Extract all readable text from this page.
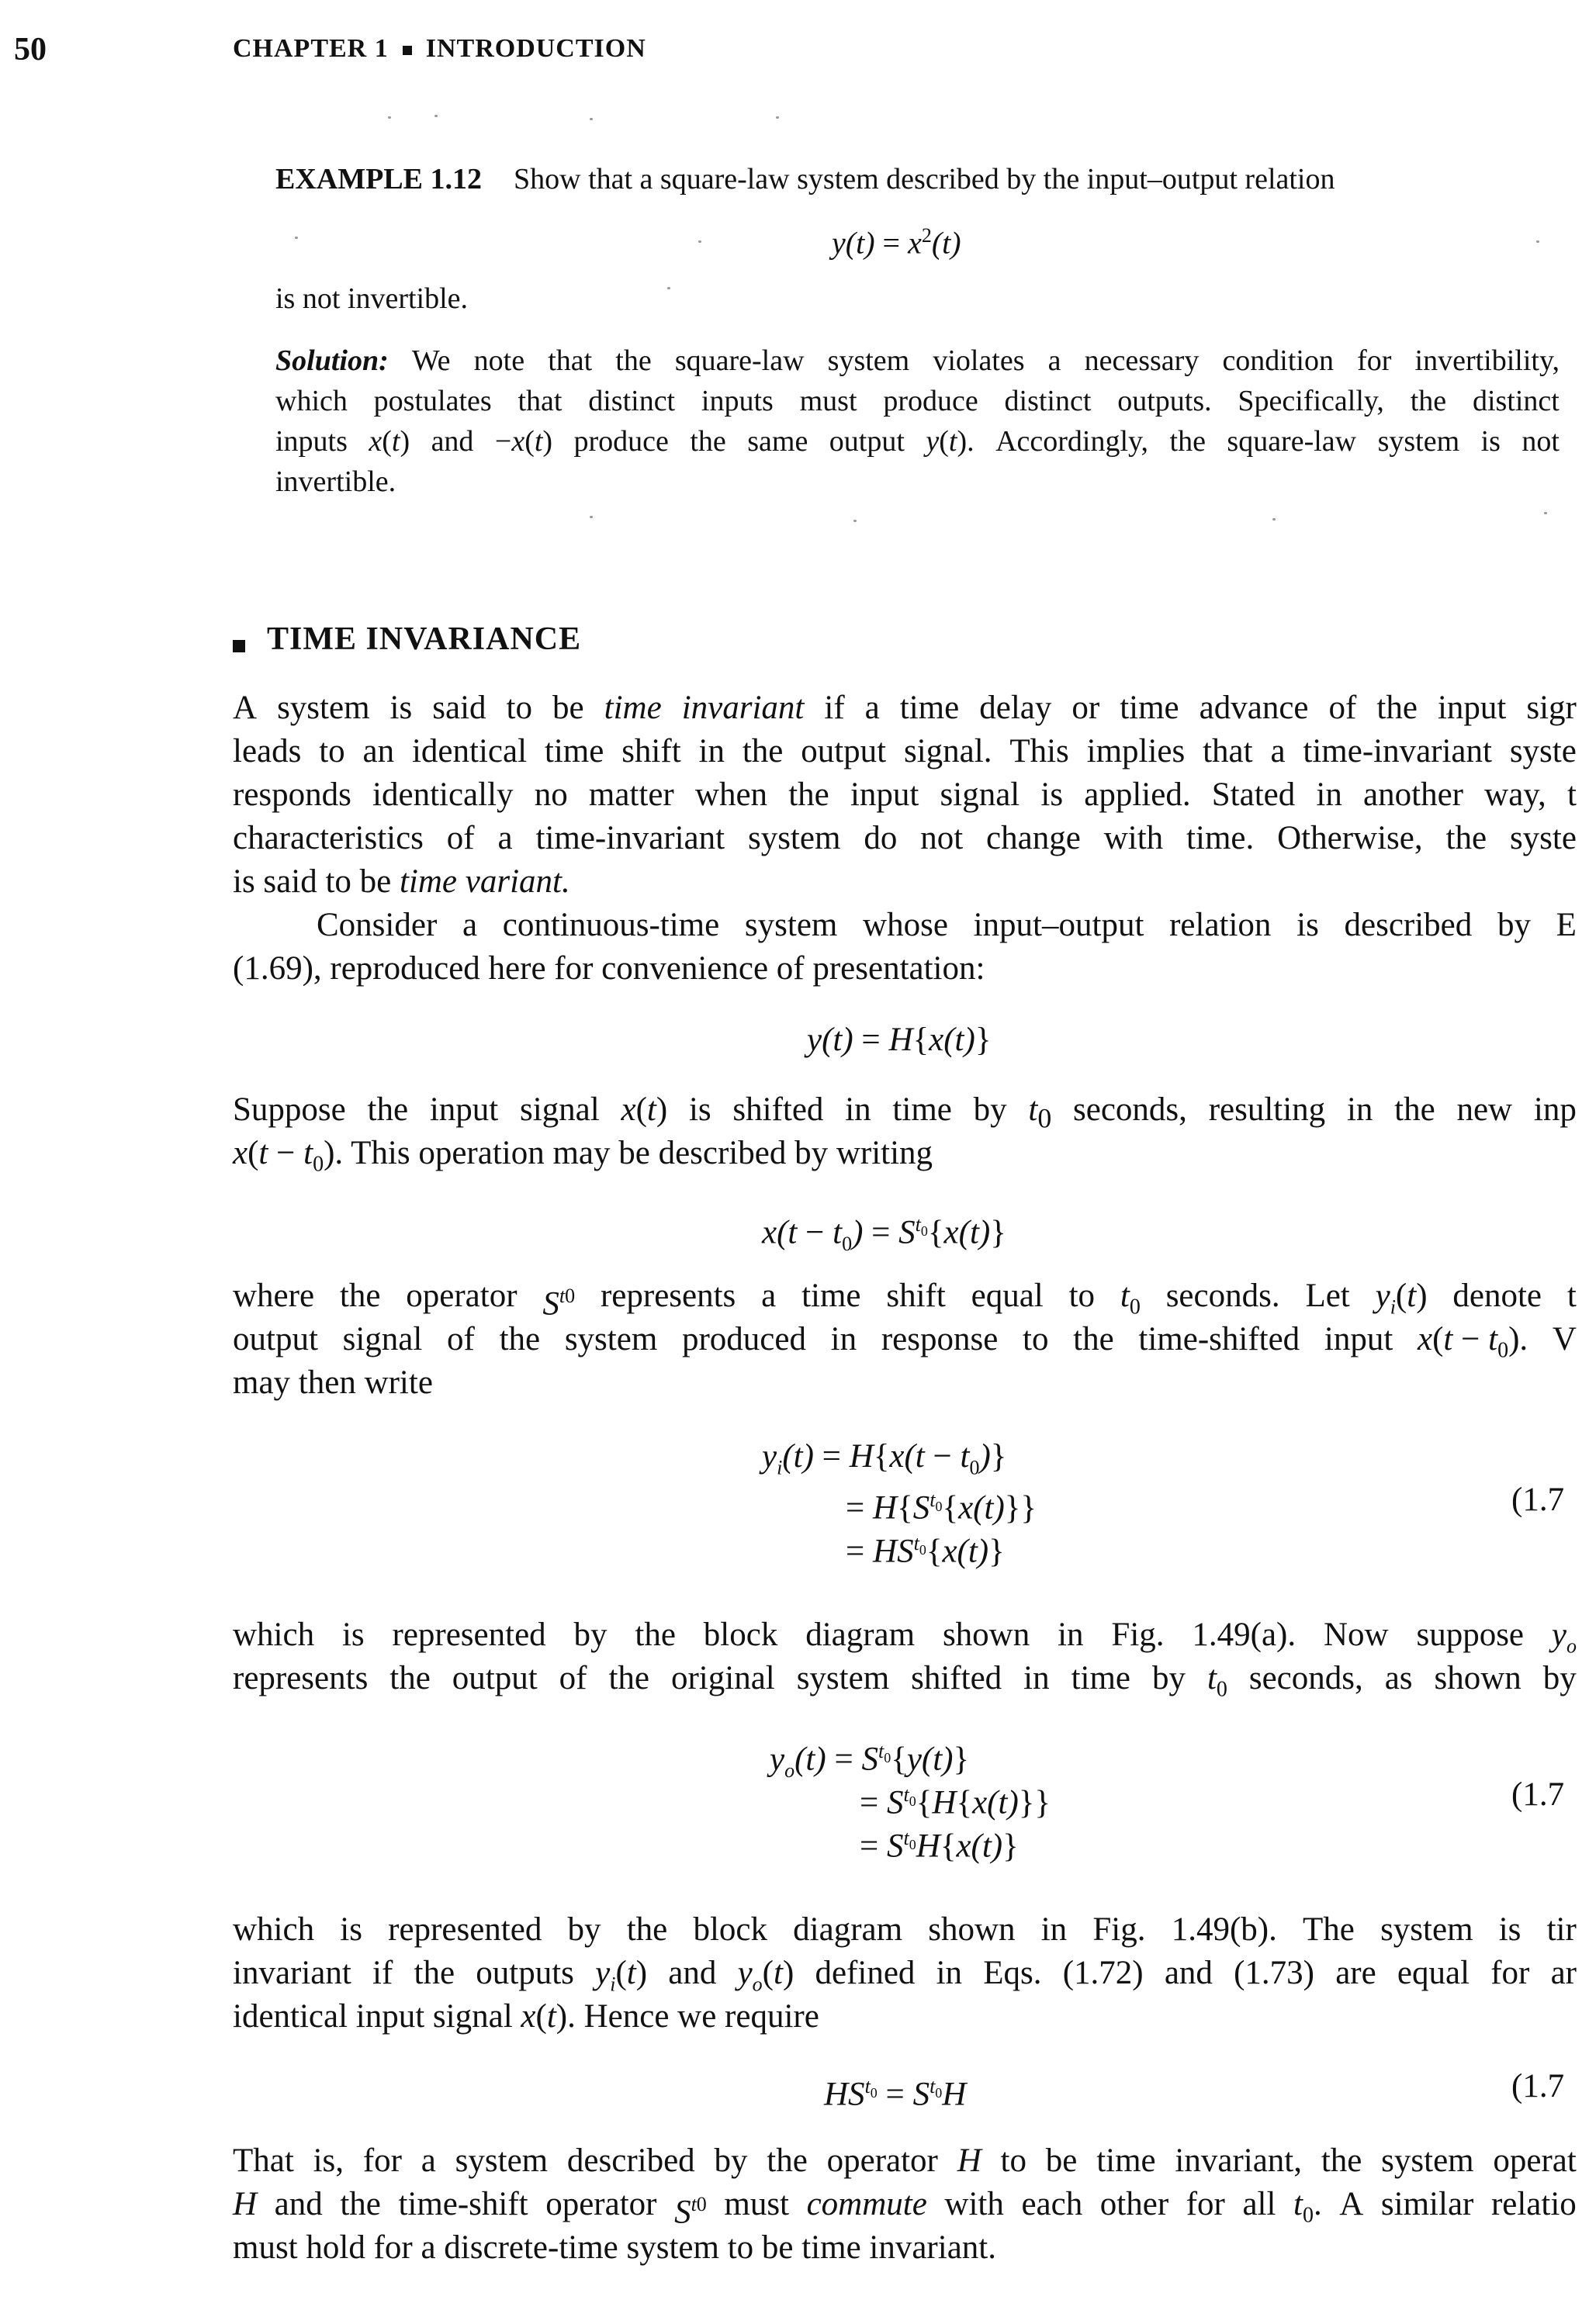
50	CHAPTER 1 INTRODUCTION
EXAMPLE 1.12 Show that a square-law system described by the input–output relation
$y(t) = x^2(t)$
is not invertible.
Solution: We note that the square-law system violates a necessary condition for invertibility,
which postulates that distinct inputs must produce distinct outputs. Specifically, the distinct
inputs x(t) and −x(t) produce the same output y(t). Accordingly, the square-law system is not
invertible.
TIME INVARIANCE
A system is said to be time invariant if a time delay or time advance of the input sigr
leads to an identical time shift in the output signal. This implies that a time-invariant syste
responds identically no matter when the input signal is applied. Stated in another way, t
characteristics of a time-invariant system do not change with time. Otherwise, the syste
is said to be time variant.
Consider a continuous-time system whose input–output relation is described by E
(1.69), reproduced here for convenience of presentation:
y(t) = H{x(t)}
Suppose the input signal x(t) is shifted in time by $t_0$ seconds, resulting in the new inp
$x(t - t_0)$. This operation may be described by writing
$x(t - t_0) = S^{t_0}\{x(t)\}$
where the operator $S^{t0}$ represents a time shift equal to $t_0$ seconds. Let $y_i(t)$ denote t
output signal of the system produced in response to the time-shifted input $x(t - t_0)$. V
may then write
$y_i(t) = H\{x(t - t_0)\}$
= $H\{S^{t_0}\{x(t)\}\}$
= $HS^{t_0}\{x(t)\}$
(1.7
which is represented by the block diagram shown in Fig. 1.49(a). Now suppose $y_o$
represents the output of the original system shifted in time by $t_0$ seconds, as shown by
$y_o(t) = S^{t_0}\{y(t)\}$
= $S^{t_0}\{H\{x(t)\}\}$
= $S^{t_0}H\{x(t)\}$
(1.7
which is represented by the block diagram shown in Fig. 1.49(b). The system is tir
invariant if the outputs $y_i(t)$ and $y_o(t)$ defined in Eqs. (1.72) and (1.73) are equal for ar
identical input signal x(t). Hence we require
$HS^{t_0} = S^{t_0}H$	(1.7
That is, for a system described by the operator H to be time invariant, the system operat
H and the time-shift operator $S^{t0}$ must commute with each other for all $t_0$. A similar relatio
must hold for a discrete-time system to be time invariant.
